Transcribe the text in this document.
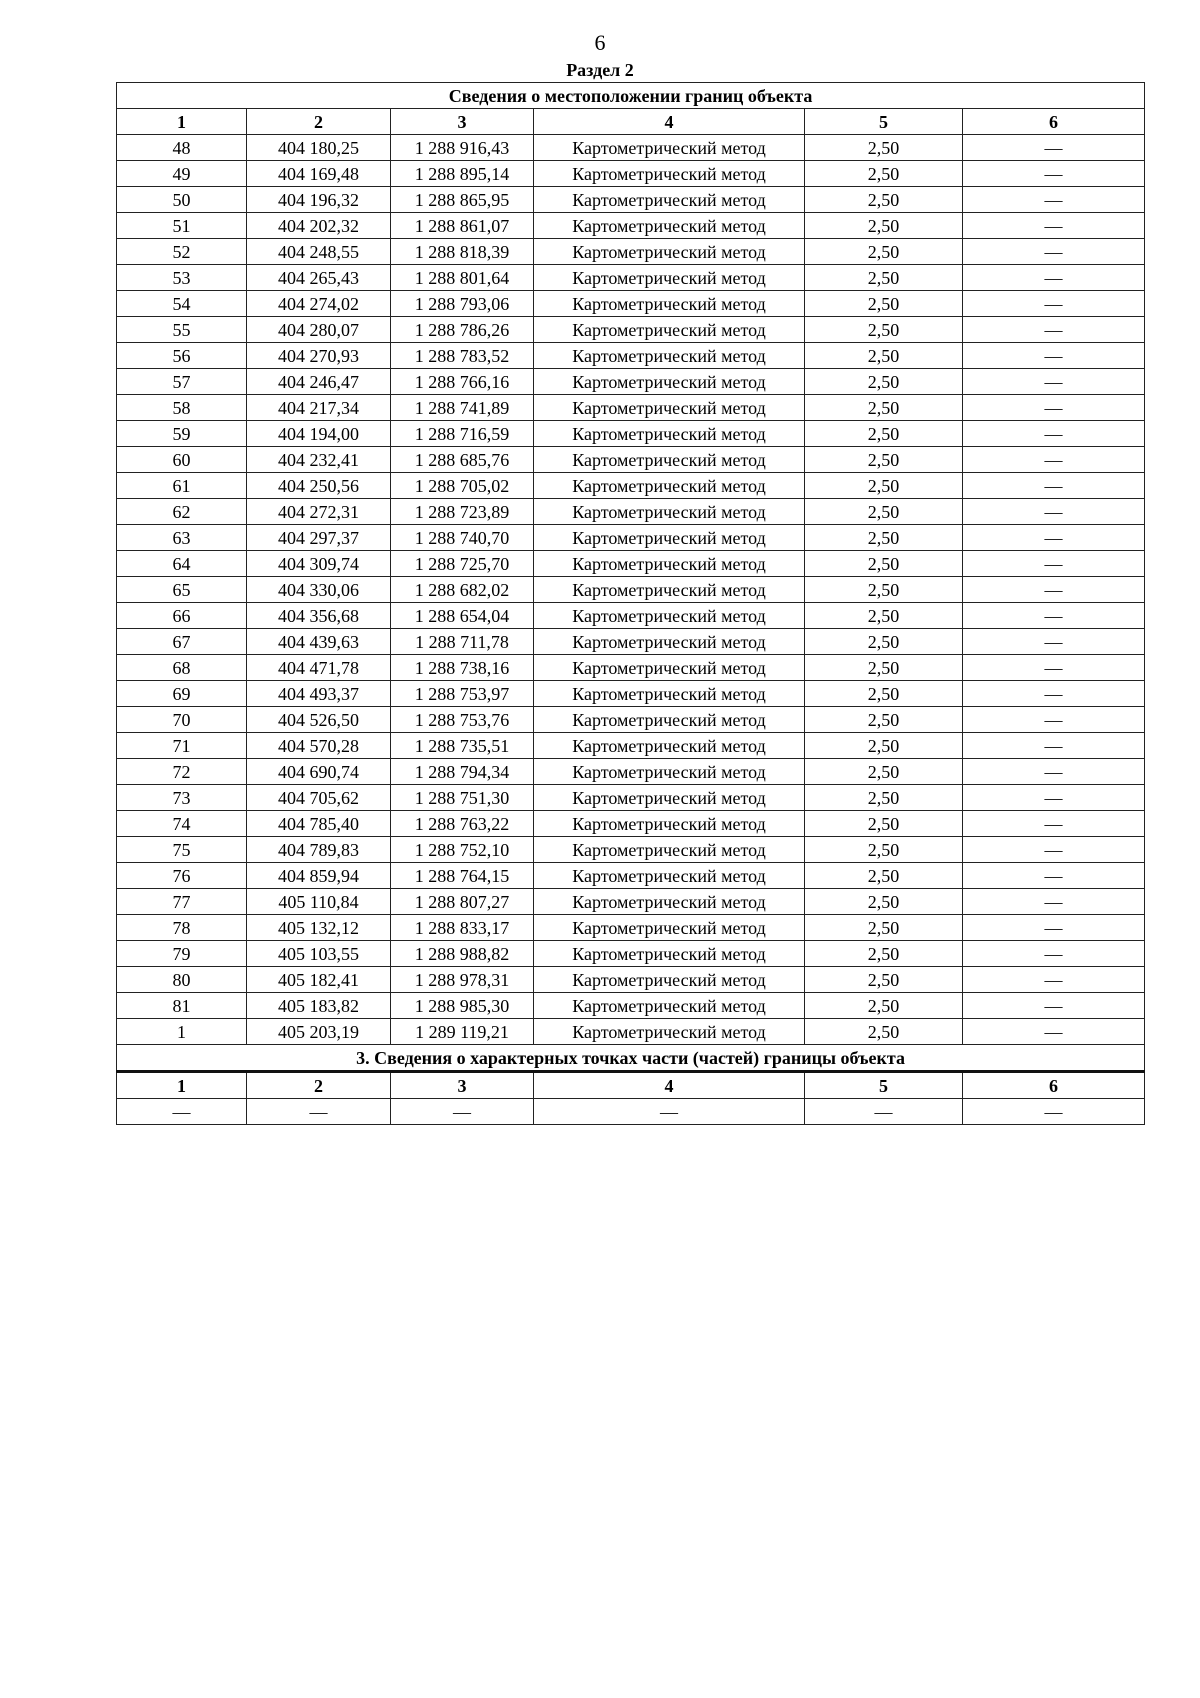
6
Раздел 2
Сведения о местоположении границ объекта					
1	2	3	4	5	6
48	404 180,25	1 288 916,43	Картометрический метод	2,50	—
49	404 169,48	1 288 895,14	Картометрический метод	2,50	—
50	404 196,32	1 288 865,95	Картометрический метод	2,50	—
51	404 202,32	1 288 861,07	Картометрический метод	2,50	—
52	404 248,55	1 288 818,39	Картометрический метод	2,50	—
53	404 265,43	1 288 801,64	Картометрический метод	2,50	—
54	404 274,02	1 288 793,06	Картометрический метод	2,50	—
55	404 280,07	1 288 786,26	Картометрический метод	2,50	—
56	404 270,93	1 288 783,52	Картометрический метод	2,50	—
57	404 246,47	1 288 766,16	Картометрический метод	2,50	—
58	404 217,34	1 288 741,89	Картометрический метод	2,50	—
59	404 194,00	1 288 716,59	Картометрический метод	2,50	—
60	404 232,41	1 288 685,76	Картометрический метод	2,50	—
61	404 250,56	1 288 705,02	Картометрический метод	2,50	—
62	404 272,31	1 288 723,89	Картометрический метод	2,50	—
63	404 297,37	1 288 740,70	Картометрический метод	2,50	—
64	404 309,74	1 288 725,70	Картометрический метод	2,50	—
65	404 330,06	1 288 682,02	Картометрический метод	2,50	—
66	404 356,68	1 288 654,04	Картометрический метод	2,50	—
67	404 439,63	1 288 711,78	Картометрический метод	2,50	—
68	404 471,78	1 288 738,16	Картометрический метод	2,50	—
69	404 493,37	1 288 753,97	Картометрический метод	2,50	—
70	404 526,50	1 288 753,76	Картометрический метод	2,50	—
71	404 570,28	1 288 735,51	Картометрический метод	2,50	—
72	404 690,74	1 288 794,34	Картометрический метод	2,50	—
73	404 705,62	1 288 751,30	Картометрический метод	2,50	—
74	404 785,40	1 288 763,22	Картометрический метод	2,50	—
75	404 789,83	1 288 752,10	Картометрический метод	2,50	—
76	404 859,94	1 288 764,15	Картометрический метод	2,50	—
77	405 110,84	1 288 807,27	Картометрический метод	2,50	—
78	405 132,12	1 288 833,17	Картометрический метод	2,50	—
79	405 103,55	1 288 988,82	Картометрический метод	2,50	—
80	405 182,41	1 288 978,31	Картометрический метод	2,50	—
81	405 183,82	1 288 985,30	Картометрический метод	2,50	—
1	405 203,19	1 289 119,21	Картометрический метод	2,50	—
3. Сведения о характерных точках части (частей) границы объекта					
1	2	3	4	5	6
—	—	—	—	—	—
